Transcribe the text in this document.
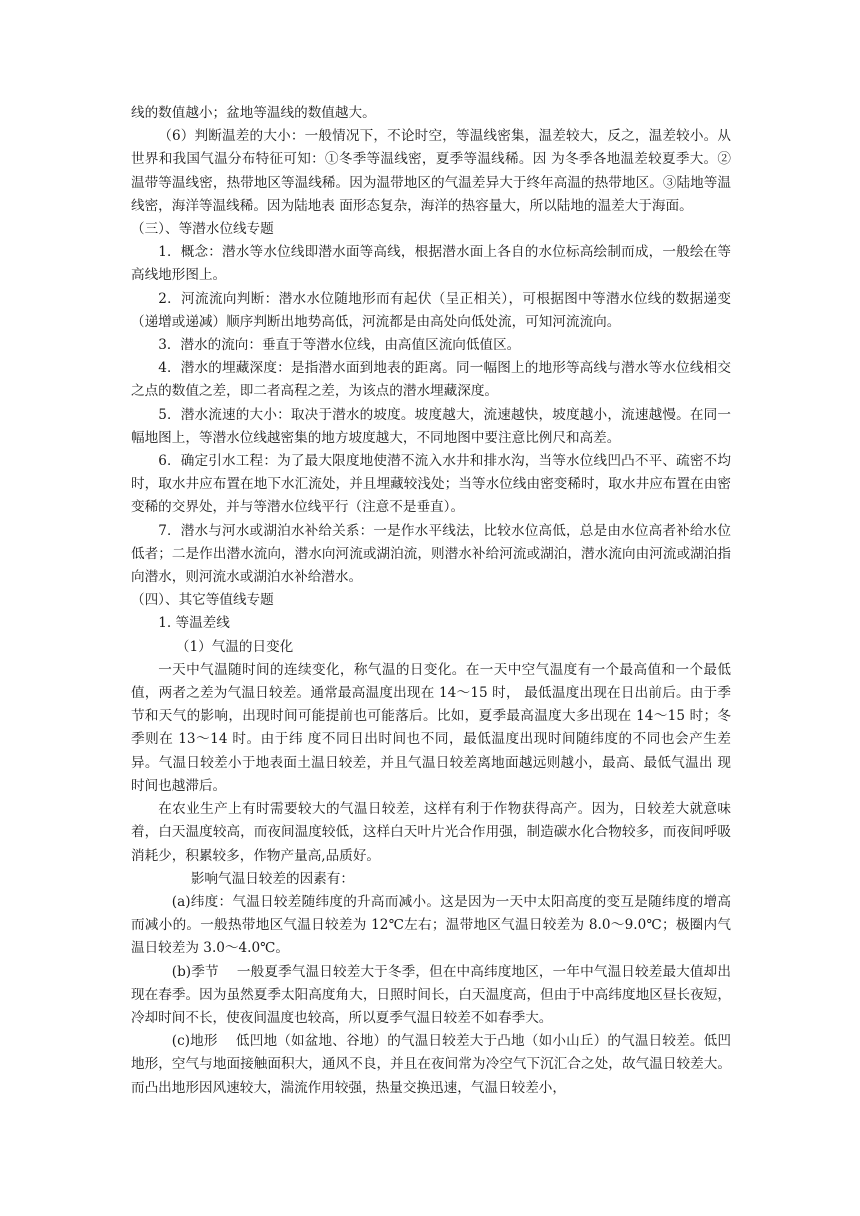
线的数值越小；盆地等温线的数值越大。

（6）判断温差的大小：一般情况下，不论时空，等温线密集，温差较大，反之，温差较小。从世界和我国气温分布特征可知：①冬季等温线密，夏季等温线稀。因 为冬季各地温差较夏季大。②温带等温线密，热带地区等温线稀。因为温带地区的气温差异大于终年高温的热带地区。③陆地等温线密，海洋等温线稀。因为陆地表 面形态复杂，海洋的热容量大，所以陆地的温差大于海面。

（三）、等潜水位线专题

1．概念：潜水等水位线即潜水面等高线，根据潜水面上各自的水位标高绘制而成，一般绘在等高线地形图上。

2．河流流向判断：潜水水位随地形而有起伏（呈正相关），可根据图中等潜水位线的数据递变（递增或递减）顺序判断出地势高低，河流都是由高处向低处流，可知河流流向。

3．潜水的流向：垂直于等潜水位线，由高值区流向低值区。

4．潜水的埋藏深度：是指潜水面到地表的距离。同一幅图上的地形等高线与潜水等水位线相交之点的数值之差，即二者高程之差，为该点的潜水埋藏深度。

5．潜水流速的大小：取决于潜水的坡度。坡度越大，流速越快，坡度越小，流速越慢。在同一幅地图上，等潜水位线越密集的地方坡度越大，不同地图中要注意比例尺和高差。

6．确定引水工程：为了最大限度地使潜不流入水井和排水沟，当等水位线凹凸不平、疏密不均时，取水井应布置在地下水汇流处，并且埋藏较浅处；当等水位线由密变稀时，取水井应布置在由密变稀的交界处，并与等潜水位线平行（注意不是垂直）。

7．潜水与河水或湖泊水补给关系：一是作水平线法，比较水位高低，总是由水位高者补给水位低者；二是作出潜水流向，潜水向河流或湖泊流，则潜水补给河流或湖泊，潜水流向由河流或湖泊指向潜水，则河流水或湖泊水补给潜水。

（四）、其它等值线专题

1. 等温差线

（1）气温的日变化

一天中气温随时间的连续变化，称气温的日变化。在一天中空气温度有一个最高值和一个最低值，两者之差为气温日较差。通常最高温度出现在 14～15 时， 最低温度出现在日出前后。由于季节和天气的影响，出现时间可能提前也可能落后。比如，夏季最高温度大多出现在 14～15 时；冬季则在 13～14 时。由于纬 度不同日出时间也不同，最低温度出现时间随纬度的不同也会产生差异。气温日较差小于地表面土温日较差，并且气温日较差离地面越远则越小，最高、最低气温出 现时间也越滞后。

在农业生产上有时需要较大的气温日较差，这样有利于作物获得高产。因为，日较差大就意味着，白天温度较高，而夜间温度较低，这样白天叶片光合作用强，制造碳水化合物较多，而夜间呼吸消耗少，积累较多，作物产量高,品质好。

影响气温日较差的因素有：

(a)纬度：气温日较差随纬度的升高而减小。这是因为一天中太阳高度的变互是随纬度的增高而减小的。一般热带地区气温日较差为 12℃左右；温带地区气温日较差为 8.0～9.0℃；极圈内气温日较差为 3.0～4.0℃。

(b)季节　 一般夏季气温日较差大于冬季，但在中高纬度地区，一年中气温日较差最大值却出现在春季。因为虽然夏季太阳高度角大，日照时间长，白天温度高，但由于中高纬度地区昼长夜短，冷却时间不长，使夜间温度也较高，所以夏季气温日较差不如春季大。

(c)地形　 低凹地（如盆地、谷地）的气温日较差大于凸地（如小山丘）的气温日较差。低凹地形，空气与地面接触面积大，通风不良，并且在夜间常为冷空气下沉汇合之处，故气温日较差大。而凸出地形因风速较大，湍流作用较强，热量交换迅速，气温日较差小，
